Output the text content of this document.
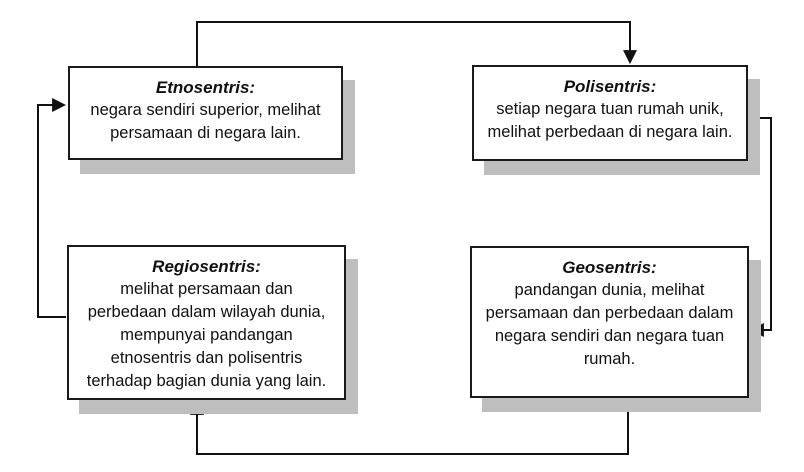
Etnosentris:
negara sendiri superior, melihat
persamaan di negara lain.
Polisentris:
setiap negara tuan rumah unik,
melihat perbedaan di negara lain.
Regiosentris:
melihat persamaan dan
perbedaan dalam wilayah dunia,
mempunyai pandangan
etnosentris dan polisentris
terhadap bagian dunia yang lain.
Geosentris:
pandangan dunia, melihat
persamaan dan perbedaan dalam
negara sendiri dan negara tuan
rumah.
